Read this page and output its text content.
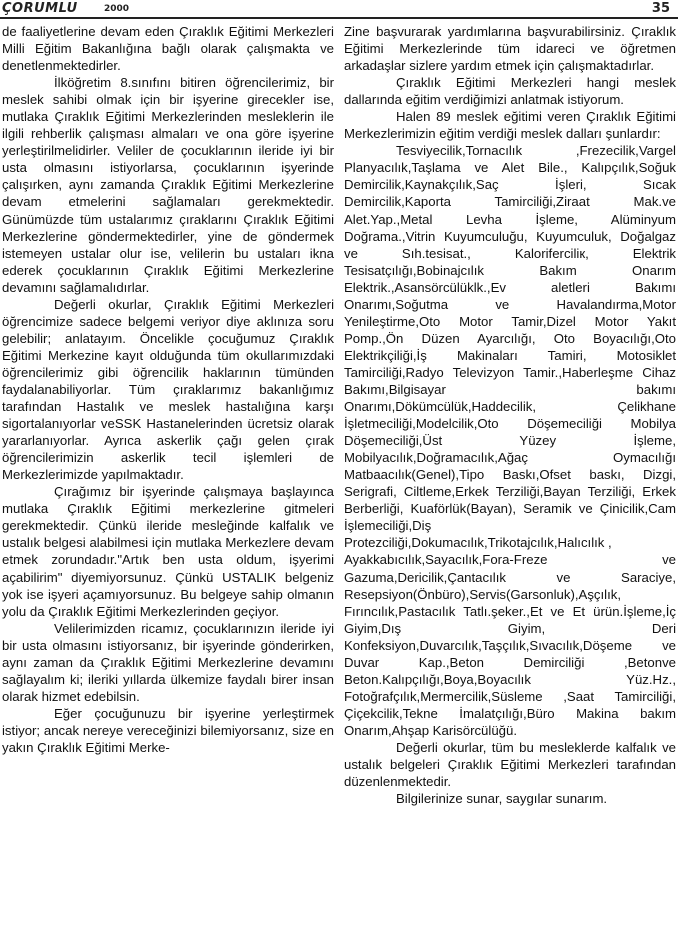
ÇORUMLU	2000	35

de faaliyetlerine devam eden Çıraklık Eğitimi Merkezleri Milli Eğitim Bakanlığına bağlı olarak çalışmakta ve denetlenmektedirler.

İlköğretim 8.sınıfını bitiren öğrencilerimiz, bir meslek sahibi olmak için bir işyerine girecekler ise, mutlaka Çıraklık Eğitimi Merkezlerinden mesleklerin ile ilgili rehberlik çalışması almaları ve ona göre işyerine yerleştirilmelidirler. Veliler de çocuklarının ileride iyi bir usta olmasını istiyorlarsa, çocuklarının işyerinde çalışırken, aynı zamanda Çıraklık Eğitimi Merkezlerine devam etmelerini sağlamaları gerekmektedir. Günümüzde tüm ustalarımız çıraklarını Çıraklık Eğitimi Merkezlerine göndermektedirler, yine de göndermek istemeyen ustalar olur ise, velilerin bu ustaları ikna ederek çocuklarının Çıraklık Eğitimi Merkezlerine devamını sağlamalıdırlar.

Değerli okurlar, Çıraklık Eğitimi Merkezleri öğrencimize sadece belgemi veriyor diye aklınıza soru gelebilir; anlatayım. Öncelikle çocuğumuz Çıraklık Eğitimi Merkezine kayıt olduğunda tüm okullarımızdaki öğrencilerimiz gibi öğrencilik haklarının tümünden faydalanabiliyorlar. Tüm çıraklarımız bakanlığımız tarafından Hastalık ve meslek hastalığına karşı sigortalanıyorlar veSSK Hastanelerinden ücretsiz olarak yararlanıyorlar. Ayrıca askerlik çağı gelen çırak öğrencilerimizin askerlik tecil işlemleri de Merkezlerimizde yapılmaktadır.

Çırağımız bir işyerinde çalışmaya başlayınca mutlaka Çıraklık Eğitimi merkezlerine gitmeleri gerekmektedir. Çünkü ileride mesleğinde kalfalık ve ustalık belgesi alabilmesi için mutlaka Merkezlere devam etmek zorundadır."Artık ben usta oldum, işyerimi açabilirim" diyemiyorsunuz. Çünkü USTALIK belgeniz yok ise işyeri açamıyorsunuz. Bu belgeye sahip olmanın yolu da Çıraklık Eğitimi Merkezlerinden geçiyor.

Velilerimizden ricamız, çocuklarınızın ileride iyi bir usta olmasını istiyorsanız, bir işyerinde gönderirken, aynı zaman da Çıraklık Eğitimi Merkezlerine devamını sağlayalım ki; ileriki yıllarda ülkemize faydalı birer insan olarak hizmet edebilsin.

Eğer çocuğunuzu bir işyerine yerleştirmek istiyor; ancak nereye vereceğinizi bilemiyorsanız, size en yakın Çıraklık Eğitimi Merke-

Zine başvurarak yardımlarına başvurabilirsiniz. Çıraklık Eğitimi Merkezlerinde tüm idareci ve öğretmen arkadaşlar sizlere yardım etmek için çalışmaktadırlar.

Çıraklık Eğitimi Merkezleri hangi meslek dallarında eğitim verdiğimizi anlatmak istiyorum.

Halen 89 meslek eğitimi veren Çıraklık Eğitimi Merkezlerimizin eğitim verdiği meslek dalları şunlardır:

Tesviyecilik,Tornacılık ,Frezecilik,Vargel Planyacılık,Taşlama ve Alet Bile., Kalıpçılık,Soğuk Demircilik,Kaynakçılık,Saç İşleri, Sıcak Demircilik,Kaporta Tamirciliği,Ziraat Mak.ve Alet.Yap.,Metal Levha İşleme, Alüminyum Doğrama.,Vitrin Kuyumculuğu, Kuyumculuk, Doğalgaz ve Sıh.tesisat., Kaloriferciliк, Elektrik Tesisatçılığı,Bobinajcılık Bakım Onarım Elektrik.,Asansörcülüklk.,Ev aletleri Bakımı Onarımı,Soğutma ve Havalandırma,Motor Yenileştirme,Oto Motor Tamir,Dizel Motor Yakıt Pomp.,Ön Düzen Ayarcılığı, Oto Boyacılığı,Oto Elektrikçiliği,İş Makinaları Tamiri, Motosiklet Tamirciliği,Radyo Televizyon Tamir.,Haberleşme Cihaz Bakımı,Bilgisayar bakımı Onarımı,Dökümcülük,Haddecilik, Çelikhane İşletmeciliği,Modelcilik,Oto Döşemeciliği Mobilya Döşemeciliği,Üst Yüzey İşleme, Mobilyacılık,Doğramacılık,Ağaç Oymacılığı Matbaacılık(Genel),Tipo Baskı,Ofset baskı, Dizgi, Serigrafi, Ciltleme,Erkek Terziliği,Bayan Terziliği, Erkek Berberliği, Kuaförlük(Bayan), Seramik ve Çinicilik,Cam İşlemeciliği,Diş Protezciliği,Dokumacılık,Trikotajcılık,Halıcılık ,

Ayakkabıcılık,Sayacılık,Fora-Freze ve Gazuma,Dericilik,Çantacılık ve Saraciye, Resepsiyon(Önbüro),Servis(Garsonluk),Aşçılık, Fırıncılık,Pastacılık Tatlı.şeker.,Et ve Et ürün.İşleme,İç Giyim,Dış Giyim, Deri Konfeksiyon,Duvarcılık,Taşçılık,Sıvacılık,Döşeme ve Duvar Kap.,Beton Demirciliği ,Betonve Beton.Kalıpçılığı,Boya,Boyacılık Yüz.Hz., Fotoğrafçılık,Mermercilik,Süsleme ,Saat Tamirciliği, Çiçekcilik,Tekne İmalatçılığı,Büro Makina bakım Onarım,Ahşap Karisörcülüğü.

Değerli okurlar, tüm bu mesleklerde kalfalık ve ustalık belgeleri Çıraklık Eğitimi Merkezleri tarafından düzenlenmektedir.

Bilgilerinize sunar, saygılar sunarım.
